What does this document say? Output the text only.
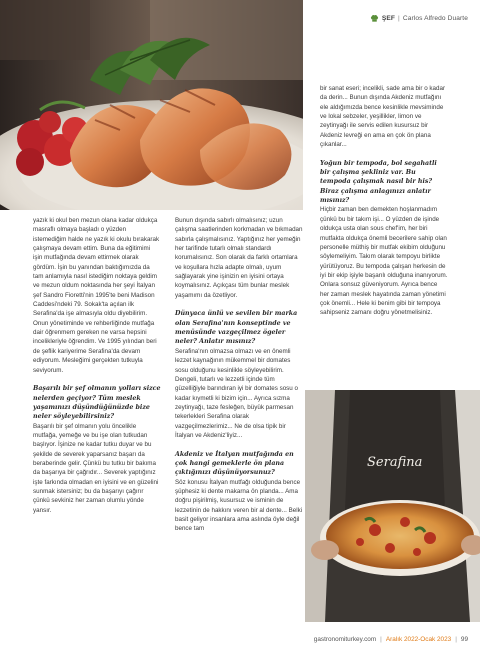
ŞEF | Carlos Alfredo Duarte

yazık ki okul ben mezun olana kadar oldukça masraflı olmaya başladı o yüzden istemediğim halde ne yazık ki okulu bırakarak çalışmaya devam ettim. Buna da eğitimimi işin mutfağında devam ettirmek olarak gördüm. İşin bu yanından baktığımızda da tam anlamıyla nasıl istediğim noktaya geldim ve mezun oldum noktasında her şeyi İtalyan şef Sandro Fioretti'nin 1995'te beni Madison Caddesi'ndeki 79. Sokak'ta açılan ilk Serafina'da işe almasıyla oldu diyebilirim. Onun yönetiminde ve rehberliğinde mutfağa dair öğrenmem gereken ne varsa hepsini incelikleriyle öğrendim. Ve 1995 yılından beri de şeflik kariyerime Serafina'da devam ediyorum. Mesleğimi gerçekten tutkuyla seviyorum.

Başarılı bir şef olmanın yolları sizce nelerden geçiyor? Tüm meslek yaşamınızı düşündüğünüzde bize neler söyleyebilirsiniz?

Başarılı bir şef olmanın yolu öncelikle mutfağa, yemeğe ve bu işe olan tutkudan başlıyor. İşinize ne kadar tutku duyar ve bu şekilde de severek yaparsanız başarı da beraberinde gelir. Çünkü bu tutku bir bakıma da başarıya bir çağrıdır... Severek yaptığınız işte farkında olmadan en iyisini ve en güzelini sunmak istersiniz; bu da başarıyı çağırır çünkü sevkiniz her zaman olumlu yönde yansır.

Bunun dışında sabırlı olmalısınız; uzun çalışma saatlerinden korkmadan ve bıkmadan sabırla çalışmalısınız. Yaptığınız her yemeğin her tarifinde tutarlı olmalı standardı korumalısınız. Son olarak da farklı ortamlara ve koşullara hızla adapte olmalı, uyum sağlayarak yine işinizin en iyisini ortaya koymalısınız. Açıkçası tüm bunlar meslek yaşamımı da özetliyor.

Dünyaca ünlü ve sevilen bir marka olan Serafina'nın konseptinde ve menüsünde vazgeçilmez ögeler neler? Anlatır mısınız?

Serafina'nın olmazsa olmazı ve en önemli lezzet kaynağının mükemmel bir domates sosu olduğunu kesinlikle söyleyebilirim. Dengeli, tutarlı ve lezzetli içinde tüm güzelliğiyle barındıran iyi bir domates sosu o kadar kıymetli ki bizim için... Ayrıca sızma zeytinyağı, taze fesleğen, büyük parmesan tekerlekleri Serafina olarak vazgeçilmezlerimiz... Ne de olsa tipik bir İtalyan ve Akdeniz'liyiz...

Akdeniz ve İtalyan mutfağında en çok hangi gemeklerle ön plana çıktığınızı düşünüyorsunuz?

Söz konusu İtalyan mutfağı olduğunda bence şüphesiz ki dente makarna ön planda... Ama doğru pişirilmiş, kusursuz ve isminin de lezzetinin de hakkını veren bir al dente... Belki basit geliyor insanlara ama aslında öyle değil bence tam

bir sanat eseri; incelikli, sade ama bir o kadar da derin... Bunun dışında Akdeniz mutfağını ele aldığımızda bence kesinlikle mevsiminde ve lokal sebzeler, yeşillikler, limon ve zeytinyağı ile servis edilen kusursuz bir Akdeniz levreği en ama en çok ön plana çıkanlar...

Yoğun bir tempoda, bol segahatli bir çalışma şekliniz var. Bu tempoda çalışmak nasıl bir his? Biraz çalışma anlagınızı anlatır mısınız?

Hiçbir zaman ben demekten hoşlanmadım çünkü bu bir takım işi... O yüzden de işinde oldukça usta olan sous chef'im, her biri mutfakta oldukça önemli becerilere sahip olan personelle müthiş bir mutfak ekibim olduğunu söylemeliyim. Takım olarak tempoyu birlikte yürütüyoruz. Bu tempoda çalışan herkesin de iyi bir ekip işiyle başarılı olduğuna inanıyorum. Onlara sonsuz güveniyorum. Ayrıca bence her zaman meslek hayatında zaman yönetimi çok önemli... Hele ki benim gibi bir tempoya sahipseniz zamanı doğru yönetmelisiniz.

Serafina
gastronomiturkey.com | Aralık 2022-Ocak 2023 | 99
